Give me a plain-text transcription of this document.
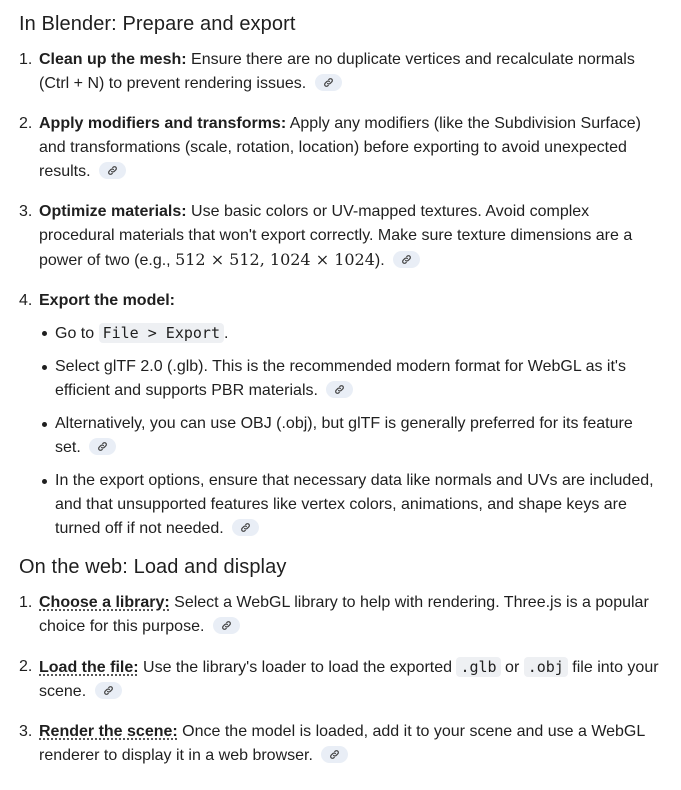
In Blender: Prepare and export
1. Clean up the mesh: Ensure there are no duplicate vertices and recalculate normals (Ctrl + N) to prevent rendering issues.
2. Apply modifiers and transforms: Apply any modifiers (like the Subdivision Surface) and transformations (scale, rotation, location) before exporting to avoid unexpected results.
3. Optimize materials: Use basic colors or UV-mapped textures. Avoid complex procedural materials that won't export correctly. Make sure texture dimensions are a power of two (e.g., 512 × 512, 1024 × 1024).
4. Export the model:
Go to File > Export .
Select glTF 2.0 (.glb). This is the recommended modern format for WebGL as it's efficient and supports PBR materials.
Alternatively, you can use OBJ (.obj), but glTF is generally preferred for its feature set.
In the export options, ensure that necessary data like normals and UVs are included, and that unsupported features like vertex colors, animations, and shape keys are turned off if not needed.
On the web: Load and display
1. Choose a library: Select a WebGL library to help with rendering. Three.js is a popular choice for this purpose.
2. Load the file: Use the library's loader to load the exported .glb or .obj file into your scene.
3. Render the scene: Once the model is loaded, add it to your scene and use a WebGL renderer to display it in a web browser.
